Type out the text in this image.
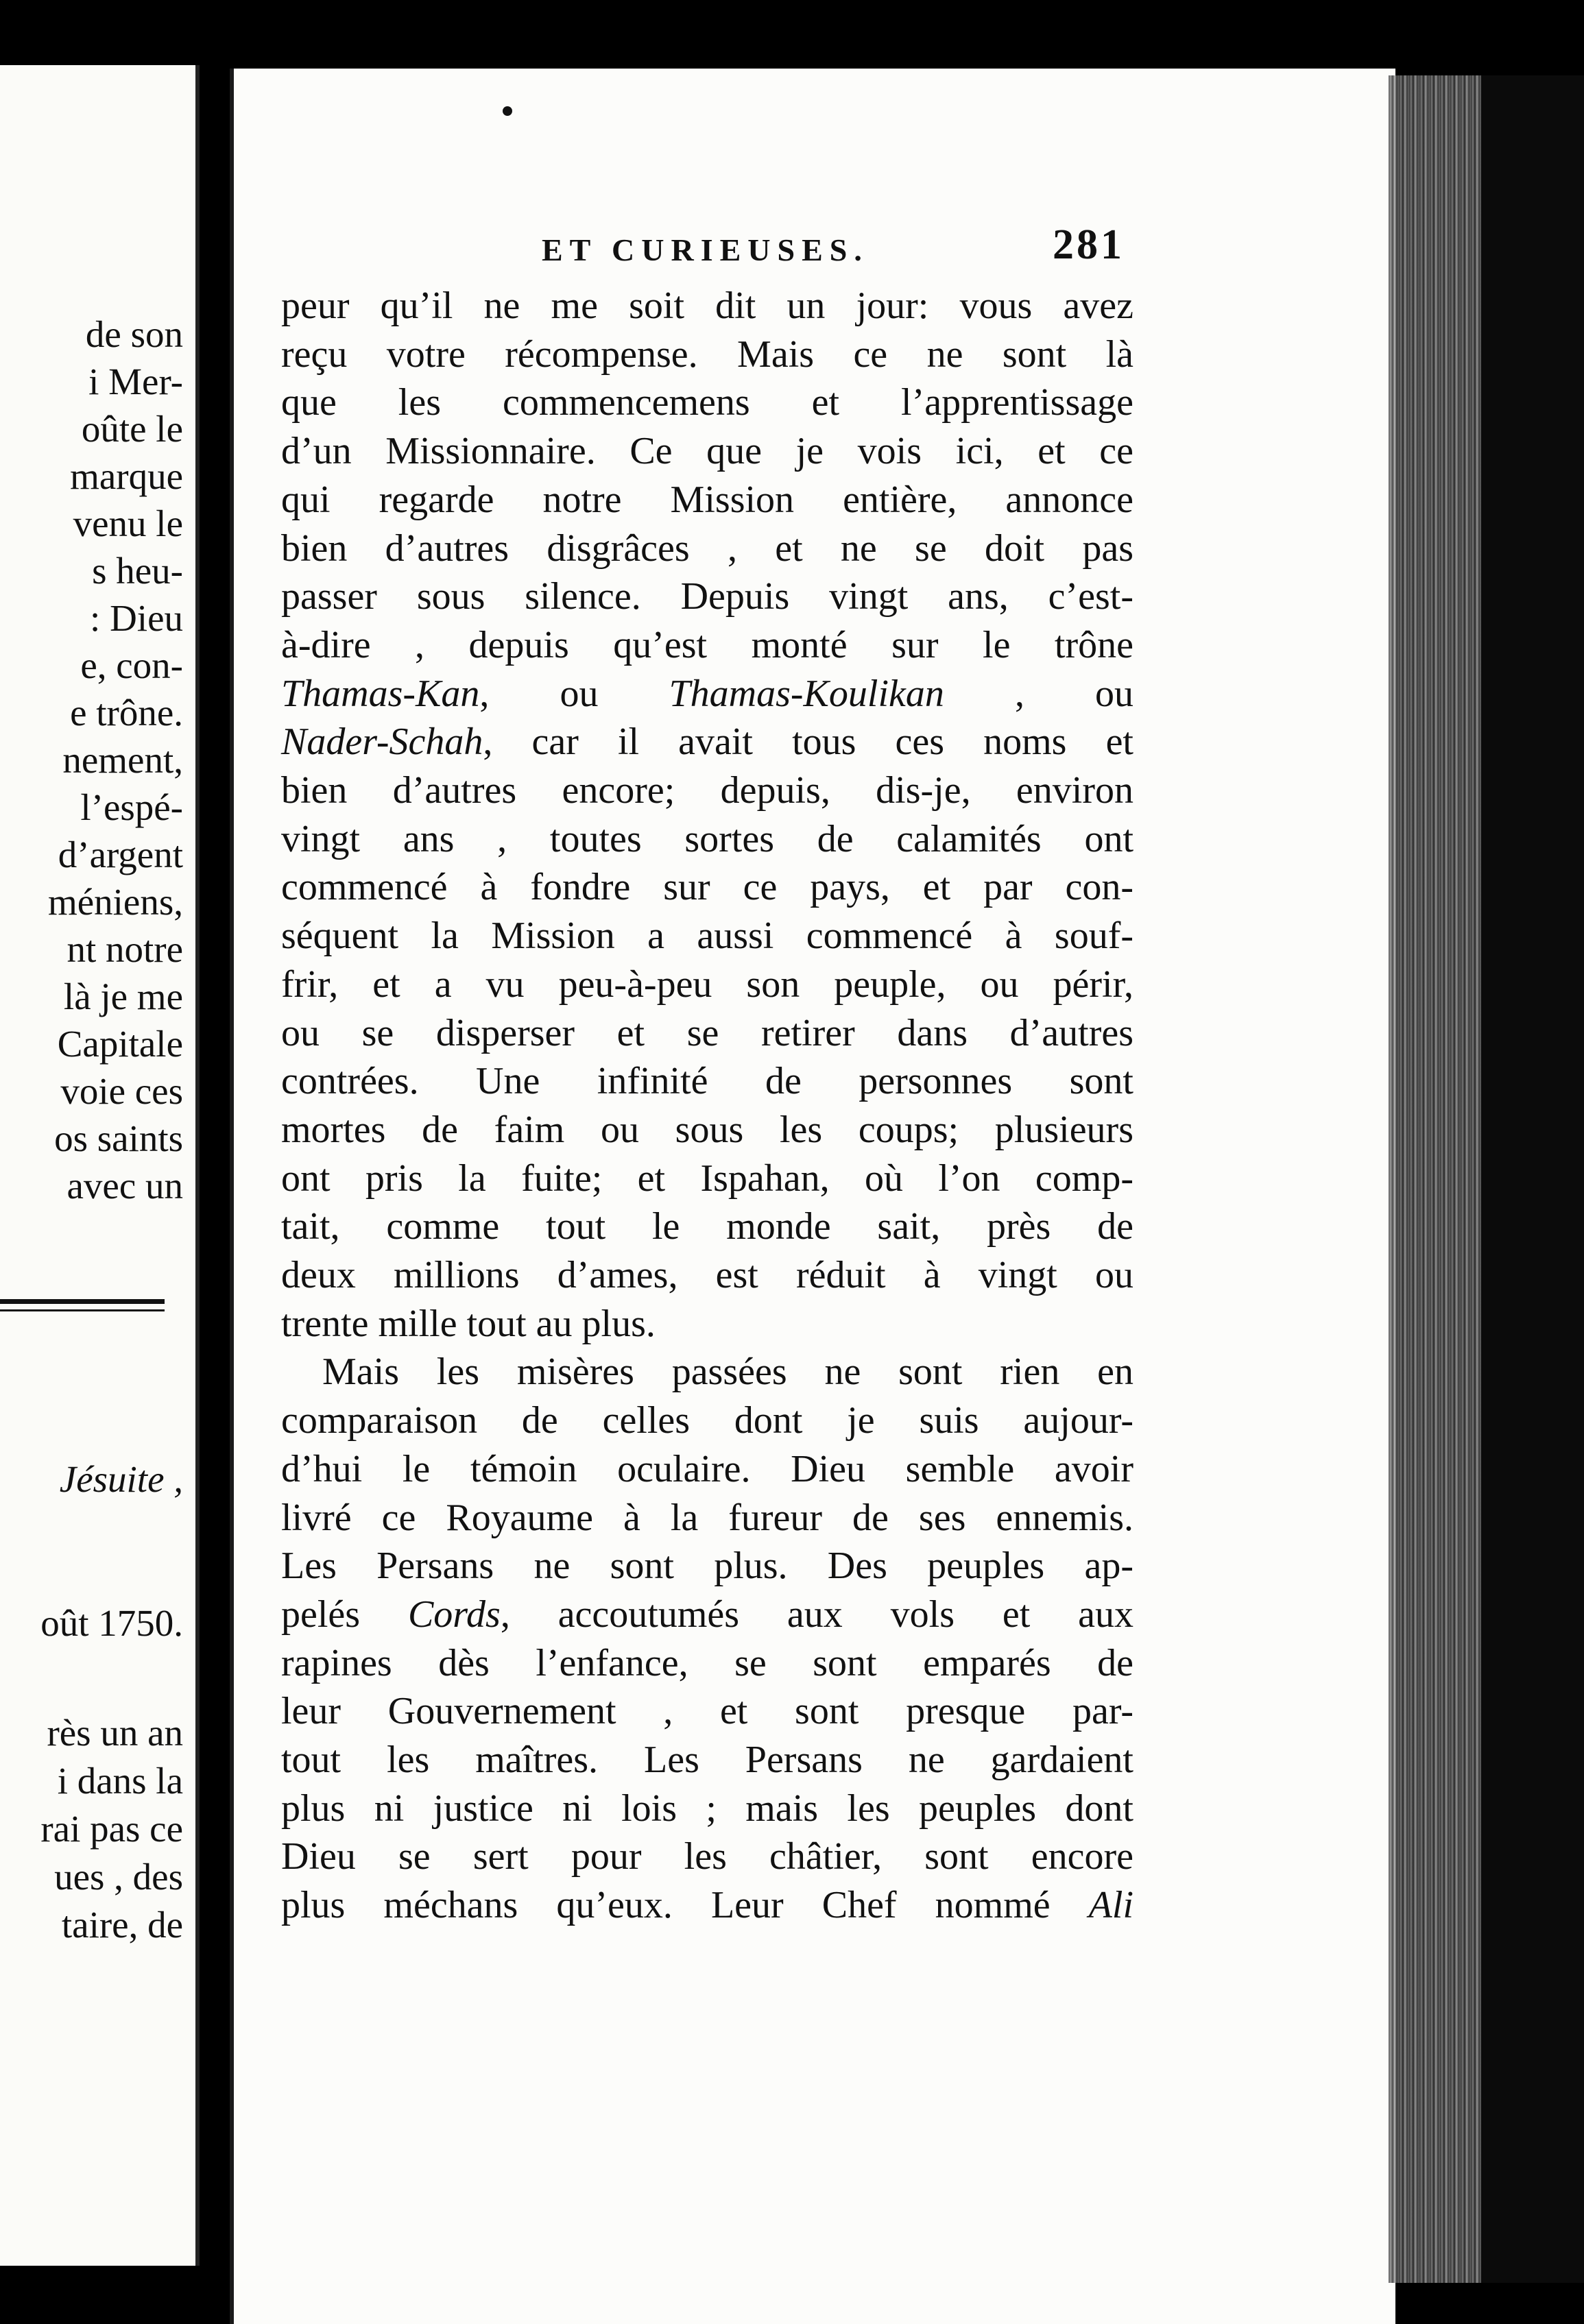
de son
i Mer-
oûte le
marque
venu le
s heu-
: Dieu
e, con-
e trône.
nement,
l’espé-
d’argent
méniens,
nt notre
là je me
Capitale
voie ces
os saints
avec un
Jésuite ,
oût 1750.
rès un an
i dans la
rai pas ce
ues , des
taire, de
ET CURIEUSES.	281
peur qu’il ne me soit dit un jour: vous avez
reçu votre récompense. Mais ce ne sont là
que les commencemens et l’apprentissage
d’un Missionnaire. Ce que je vois ici, et ce
qui regarde notre Mission entière, annonce
bien d’autres disgrâces , et ne se doit pas
passer sous silence. Depuis vingt ans, c’est-
à-dire , depuis qu’est monté sur le trône
Thamas-Kan, ou Thamas-Koulikan , ou
Nader-Schah, car il avait tous ces noms et
bien d’autres encore; depuis, dis-je, environ
vingt ans , toutes sortes de calamités ont
commencé à fondre sur ce pays, et par con-
séquent la Mission a aussi commencé à souf-
frir, et a vu peu-à-peu son peuple, ou périr,
ou se disperser et se retirer dans d’autres
contrées. Une infinité de personnes sont
mortes de faim ou sous les coups; plusieurs
ont pris la fuite; et Ispahan, où l’on comp-
tait, comme tout le monde sait, près de
deux millions d’ames, est réduit à vingt ou
trente mille tout au plus.
Mais les misères passées ne sont rien en
comparaison de celles dont je suis aujour-
d’hui le témoin oculaire. Dieu semble avoir
livré ce Royaume à la fureur de ses ennemis.
Les Persans ne sont plus. Des peuples ap-
pelés Cords, accoutumés aux vols et aux
rapines dès l’enfance, se sont emparés de
leur Gouvernement , et sont presque par-
tout les maîtres. Les Persans ne gardaient
plus ni justice ni lois ; mais les peuples dont
Dieu se sert pour les châtier, sont encore
plus méchans qu’eux. Leur Chef nommé Ali
